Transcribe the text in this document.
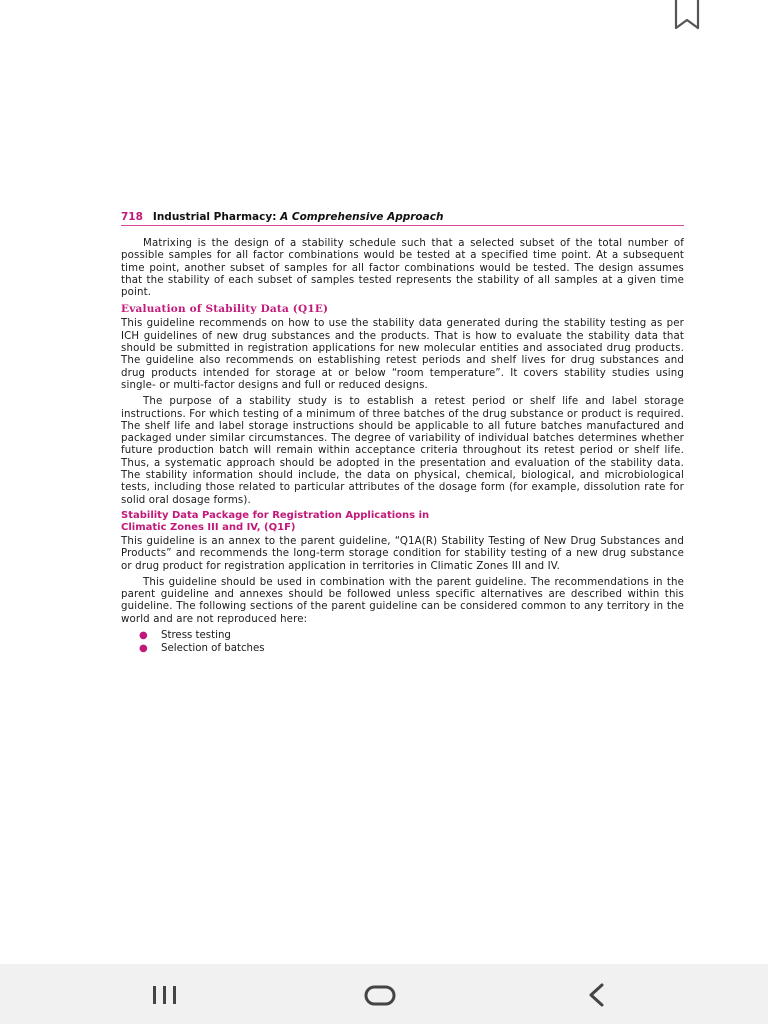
718 Industrial Pharmacy: A Comprehensive Approach

Matrixing is the design of a stability schedule such that a selected subset of the total number of possible samples for all factor combinations would be tested at a specified time point. At a subsequent time point, another subset of samples for all factor combinations would be tested. The design assumes that the stability of each subset of samples tested represents the stability of all samples at a given time point.

Evaluation of Stability Data (Q1E)

This guideline recommends on how to use the stability data generated during the stability testing as per ICH guidelines of new drug substances and the products. That is how to evaluate the stability data that should be submitted in registration applications for new molecular entities and associated drug products. The guideline also recommends on establishing retest periods and shelf lives for drug substances and drug products intended for storage at or below “room temperature”. It covers stability studies using single- or multi-factor designs and full or reduced designs.

The purpose of a stability study is to establish a retest period or shelf life and label storage instructions. For which testing of a minimum of three batches of the drug substance or product is required. The shelf life and label storage instructions should be applicable to all future batches manufactured and packaged under similar circumstances. The degree of variability of individual batches determines whether future production batch will remain within acceptance criteria throughout its retest period or shelf life. Thus, a systematic approach should be adopted in the presentation and evaluation of the stability data. The stability information should include, the data on physical, chemical, biological, and microbiological tests, including those related to particular attributes of the dosage form (for example, dissolution rate for solid oral dosage forms).

Stability Data Package for Registration Applications in
Climatic Zones III and IV, (Q1F)

This guideline is an annex to the parent guideline, “Q1A(R) Stability Testing of New Drug Substances and Products” and recommends the long-term storage condition for stability testing of a new drug substance or drug product for registration application in territories in Climatic Zones III and IV.

This guideline should be used in combination with the parent guideline. The recommendations in the parent guideline and annexes should be followed unless specific alternatives are described within this guideline. The following sections of the parent guideline can be considered common to any territory in the world and are not reproduced here:

● Stress testing
● Selection of batches
